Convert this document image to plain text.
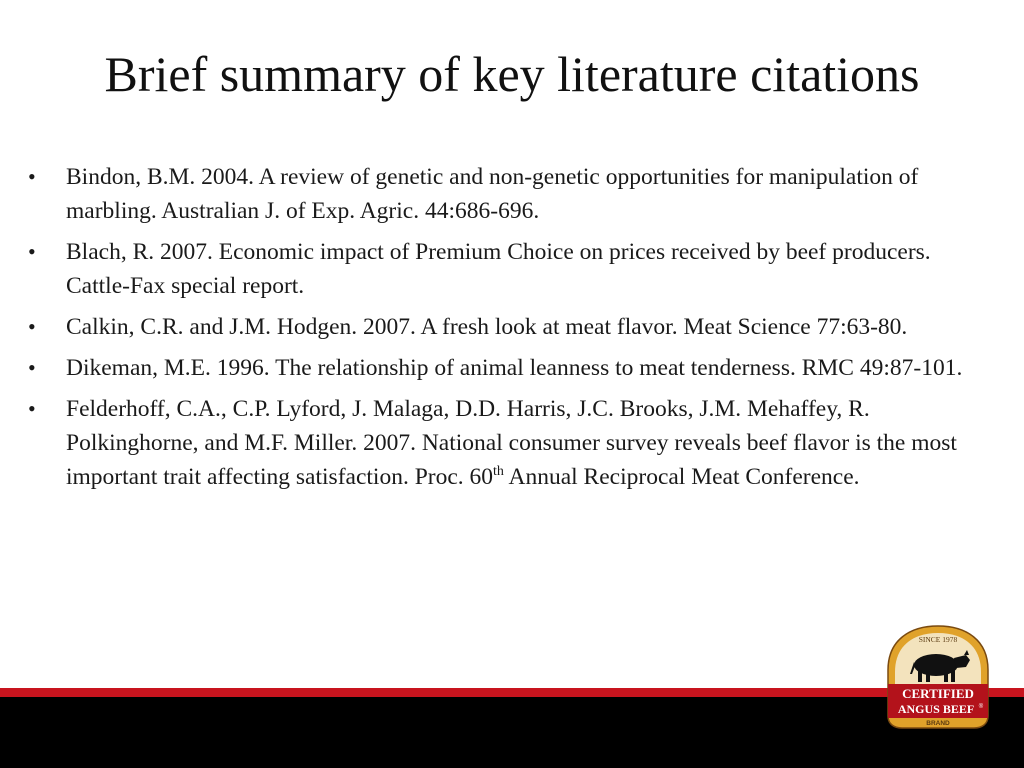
Brief summary of key literature citations
•	Bindon, B.M. 2004. A review of genetic and non-genetic opportunities for manipulation of marbling. Australian J. of Exp. Agric. 44:686-696.
•	Blach, R. 2007. Economic impact of Premium Choice on prices received by beef producers. Cattle-Fax special report.
•	Calkin, C.R. and J.M. Hodgen. 2007. A fresh look at meat flavor. Meat Science 77:63-80.
•	Dikeman, M.E. 1996. The relationship of animal leanness to meat tenderness. RMC 49:87-101.
•	Felderhoff, C.A., C.P. Lyford, J. Malaga, D.D. Harris, J.C. Brooks, J.M. Mehaffey, R. Polkinghorne, and M.F. Miller. 2007. National consumer survey reveals beef flavor is the most important trait affecting satisfaction. Proc. 60th Annual Reciprocal Meat Conference.
SINCE 1978
CERTIFIED
ANGUS BEEF ®
BRAND
